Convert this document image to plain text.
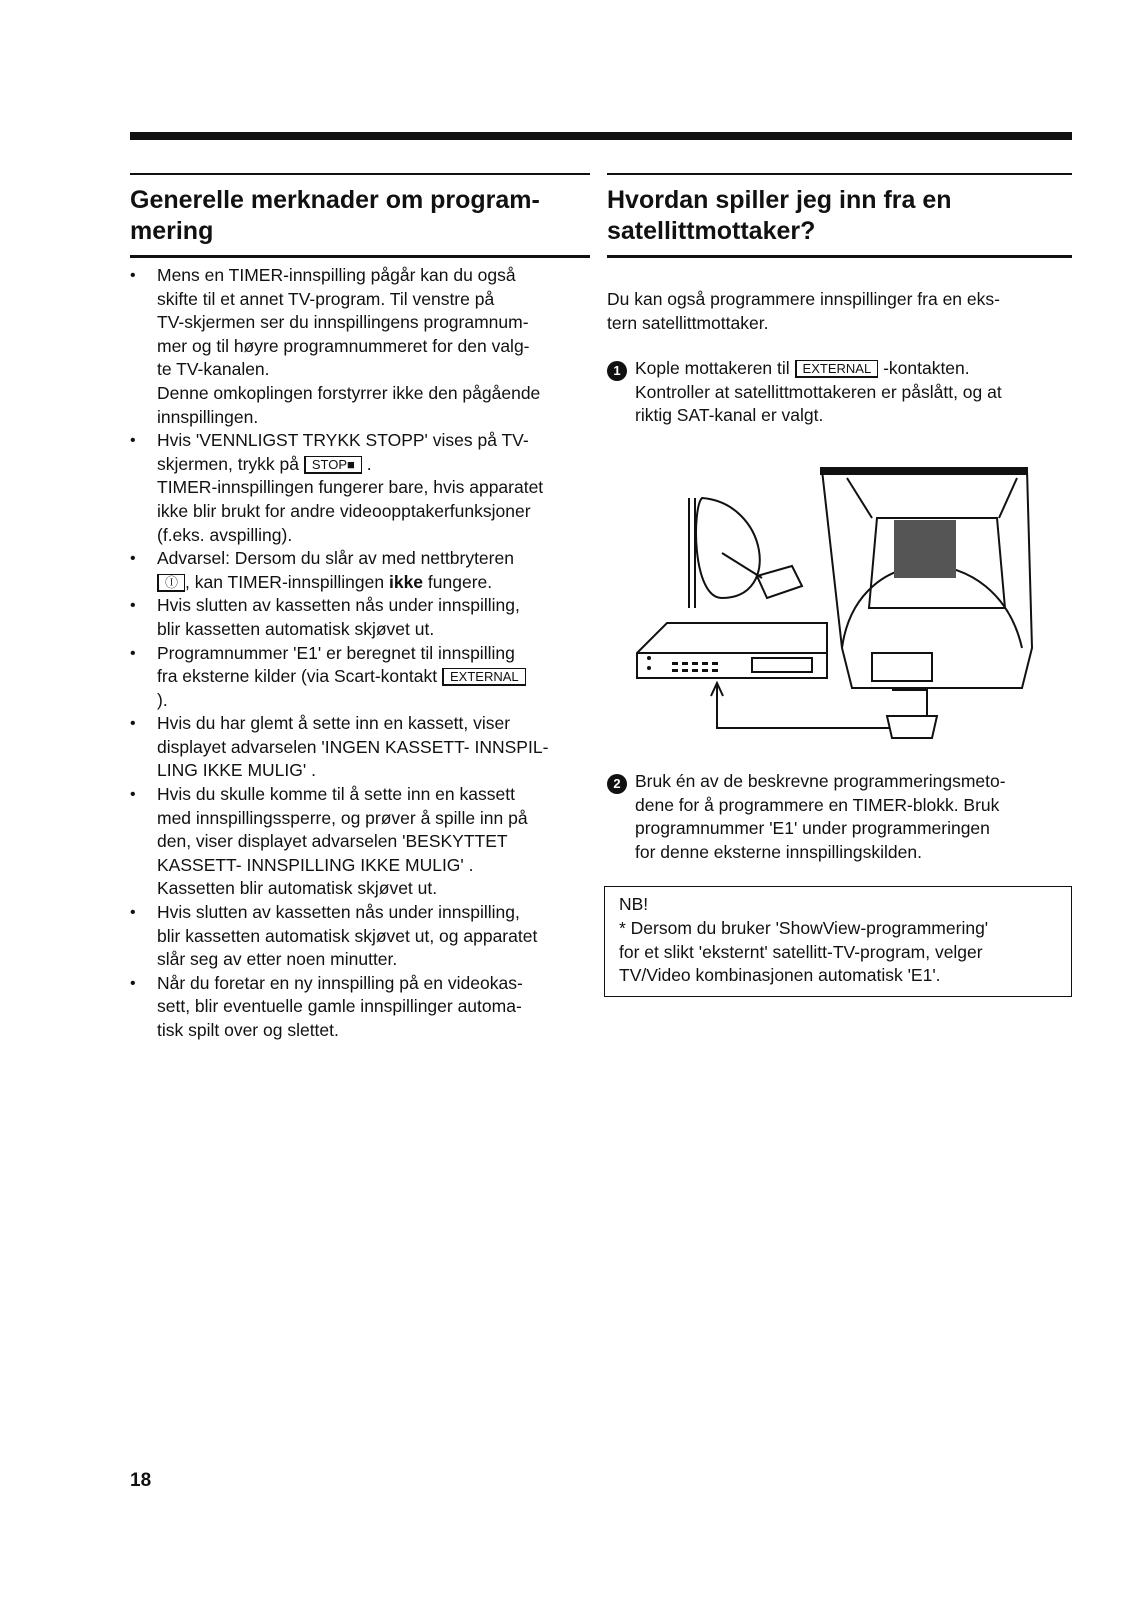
Generelle merknader om program-
mering
• Mens en TIMER-innspilling pågår kan du også
skifte til et annet TV-program. Til venstre på
TV-skjermen ser du innspillingens programnum-
mer og til høyre programnummeret for den valg-
te TV-kanalen.
Denne omkoplingen forstyrrer ikke den pågående
innspillingen.
• Hvis 'VENNLIGST TRYKK STOPP' vises på TV-
skjermen, trykk på STOP■ .
TIMER-innspillingen fungerer bare, hvis apparatet
ikke blir brukt for andre videoopptakerfunksjoner
(f.eks. avspilling).
• Advarsel: Dersom du slår av med nettbryteren
Ⓘ , kan TIMER-innspillingen ikke fungere.
• Hvis slutten av kassetten nås under innspilling,
blir kassetten automatisk skjøvet ut.
• Programnummer 'E1' er beregnet til innspilling
fra eksterne kilder (via Scart-kontakt EXTERNAL
).
• Hvis du har glemt å sette inn en kassett, viser
displayet advarselen 'INGEN KASSETT- INNSPIL-
LING IKKE MULIG' .
• Hvis du skulle komme til å sette inn en kassett
med innspillingssperre, og prøver å spille inn på
den, viser displayet advarselen 'BESKYTTET
KASSETT- INNSPILLING IKKE MULIG' .
Kassetten blir automatisk skjøvet ut.
• Hvis slutten av kassetten nås under innspilling,
blir kassetten automatisk skjøvet ut, og apparatet
slår seg av etter noen minutter.
• Når du foretar en ny innspilling på en videokas-
sett, blir eventuelle gamle innspillinger automa-
tisk spilt over og slettet.
Hvordan spiller jeg inn fra en
satellittmottaker?

Du kan også programmere innspillinger fra en eks-
tern satellittmottaker.

1 Kople mottakeren til EXTERNAL -kontakten.
Kontroller at satellittmottakeren er påslått, og at
riktig SAT-kanal er valgt.
2 Bruk én av de beskrevne programmeringsmeto-
dene for å programmere en TIMER-blokk. Bruk
programnummer 'E1' under programmeringen
for denne eksterne innspillingskilden.
NB!
* Dersom du bruker 'ShowView-programmering'
for et slikt 'eksternt' satellitt-TV-program, velger
TV/Video kombinasjonen automatisk 'E1'.
18
